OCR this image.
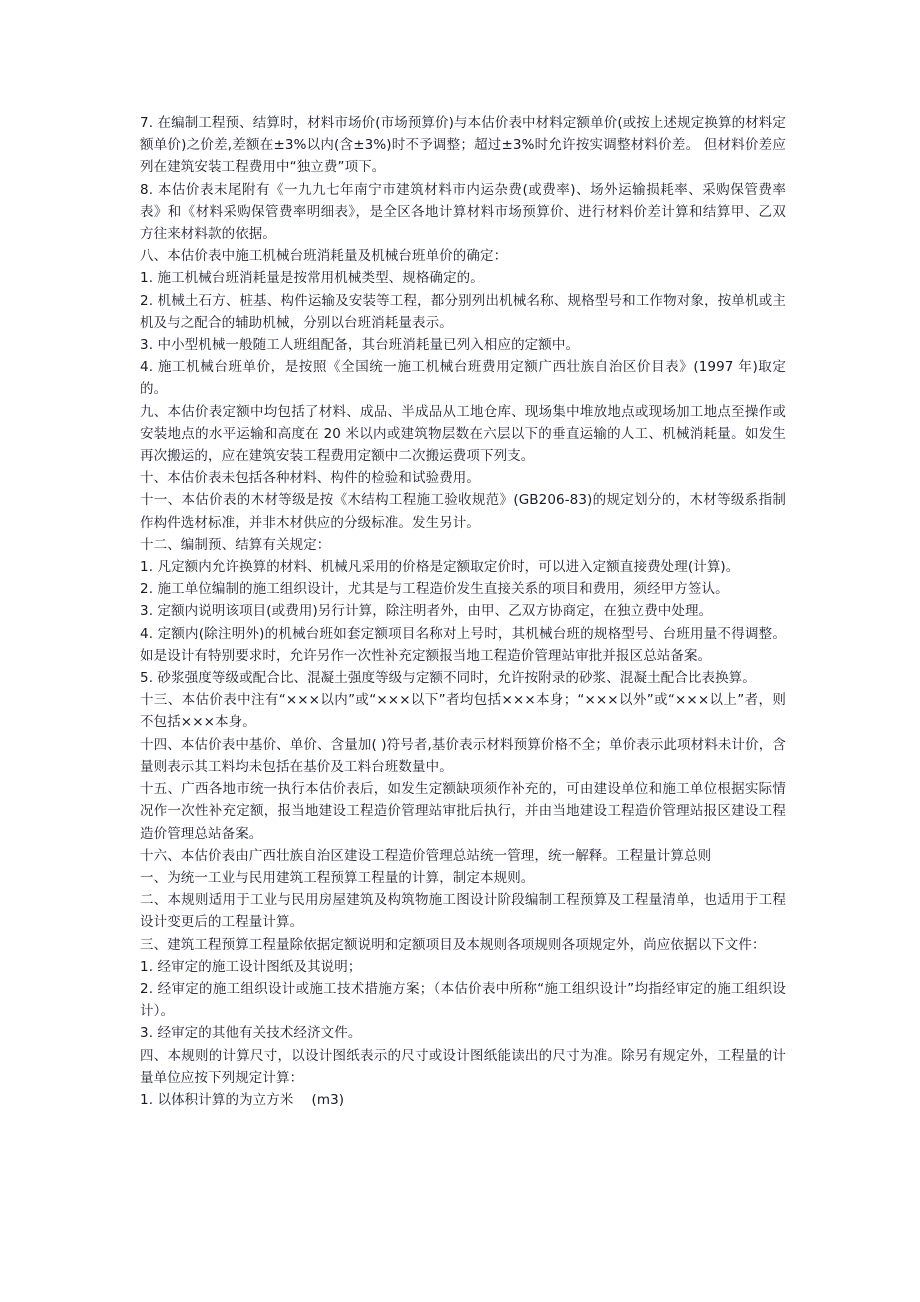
7. 在编制工程预、结算时，材料市场价(市场预算价)与本估价表中材料定额单价(或按上述规定换算的材料定额单价)之价差,差额在±3%以内(含±3%)时不予调整；超过±3%时允许按实调整材料价差。 但材料价差应列在建筑安装工程费用中“独立费”项下。

8. 本估价表末尾附有《一九九七年南宁市建筑材料市内运杂费(或费率)、场外运输损耗率、采购保管费率表》和《材料采购保管费率明细表》，是全区各地计算材料市场预算价、进行材料价差计算和结算甲、乙双方往来材料款的依据。

八、本估价表中施工机械台班消耗量及机械台班单价的确定：

1. 施工机械台班消耗量是按常用机械类型、规格确定的。

2. 机械土石方、桩基、构件运输及安装等工程，都分别列出机械名称、规格型号和工作物对象，按单机或主机及与之配合的辅助机械，分别以台班消耗量表示。

3. 中小型机械一般随工人班组配备，其台班消耗量已列入相应的定额中。

4. 施工机械台班单价，是按照《全国统一施工机械台班费用定额广西壮族自治区价目表》(1997 年)取定的。

九、本估价表定额中均包括了材料、成品、半成品从工地仓库、现场集中堆放地点或现场加工地点至操作或安装地点的水平运输和高度在 20 米以内或建筑物层数在六层以下的垂直运输的人工、机械消耗量。如发生再次搬运的，应在建筑安装工程费用定额中二次搬运费项下列支。

十、本估价表未包括各种材料、构件的检验和试验费用。

十一、本估价表的木材等级是按《木结构工程施工验收规范》(GB206-83)的规定划分的，木材等级系指制作构件选材标准，并非木材供应的分级标准。发生另计。

十二、编制预、结算有关规定：

1. 凡定额内允许换算的材料、机械凡采用的价格是定额取定价时，可以进入定额直接费处理(计算)。

2. 施工单位编制的施工组织设计，尤其是与工程造价发生直接关系的项目和费用，须经甲方签认。

3. 定额内说明该项目(或费用)另行计算，除注明者外，由甲、乙双方协商定，在独立费中处理。

4. 定额内(除注明外)的机械台班如套定额项目名称对上号时，其机械台班的规格型号、台班用量不得调整。如是设计有特别要求时，允许另作一次性补充定额报当地工程造价管理站审批并报区总站备案。

5. 砂浆强度等级或配合比、混凝土强度等级与定额不同时，允许按附录的砂浆、混凝土配合比表换算。

十三、本估价表中注有“×××以内”或“×××以下”者均包括×××本身；“×××以外”或“×××以上”者，则不包括×××本身。

十四、本估价表中基价、单价、含量加( )符号者,基价表示材料预算价格不全；单价表示此项材料未计价，含量则表示其工料均未包括在基价及工料台班数量中。

十五、广西各地市统一执行本估价表后，如发生定额缺项须作补充的，可由建设单位和施工单位根据实际情况作一次性补充定额，报当地建设工程造价管理站审批后执行，并由当地建设工程造价管理站报区建设工程造价管理总站备案。

十六、本估价表由广西壮族自治区建设工程造价管理总站统一管理，统一解释。工程量计算总则

一、为统一工业与民用建筑工程预算工程量的计算，制定本规则。

二、本规则适用于工业与民用房屋建筑及构筑物施工图设计阶段编制工程预算及工程量清单，也适用于工程设计变更后的工程量计算。

三、建筑工程预算工程量除依据定额说明和定额项目及本规则各项规则各项规定外，尚应依据以下文件：

1. 经审定的施工设计图纸及其说明；

2. 经审定的施工组织设计或施工技术措施方案；（本估价表中所称“施工组织设计”均指经审定的施工组织设计）。

3. 经审定的其他有关技术经济文件。

四、本规则的计算尺寸，以设计图纸表示的尺寸或设计图纸能读出的尺寸为准。除另有规定外，工程量的计量单位应按下列规定计算：

1. 以体积计算的为立方米 　(m3)
